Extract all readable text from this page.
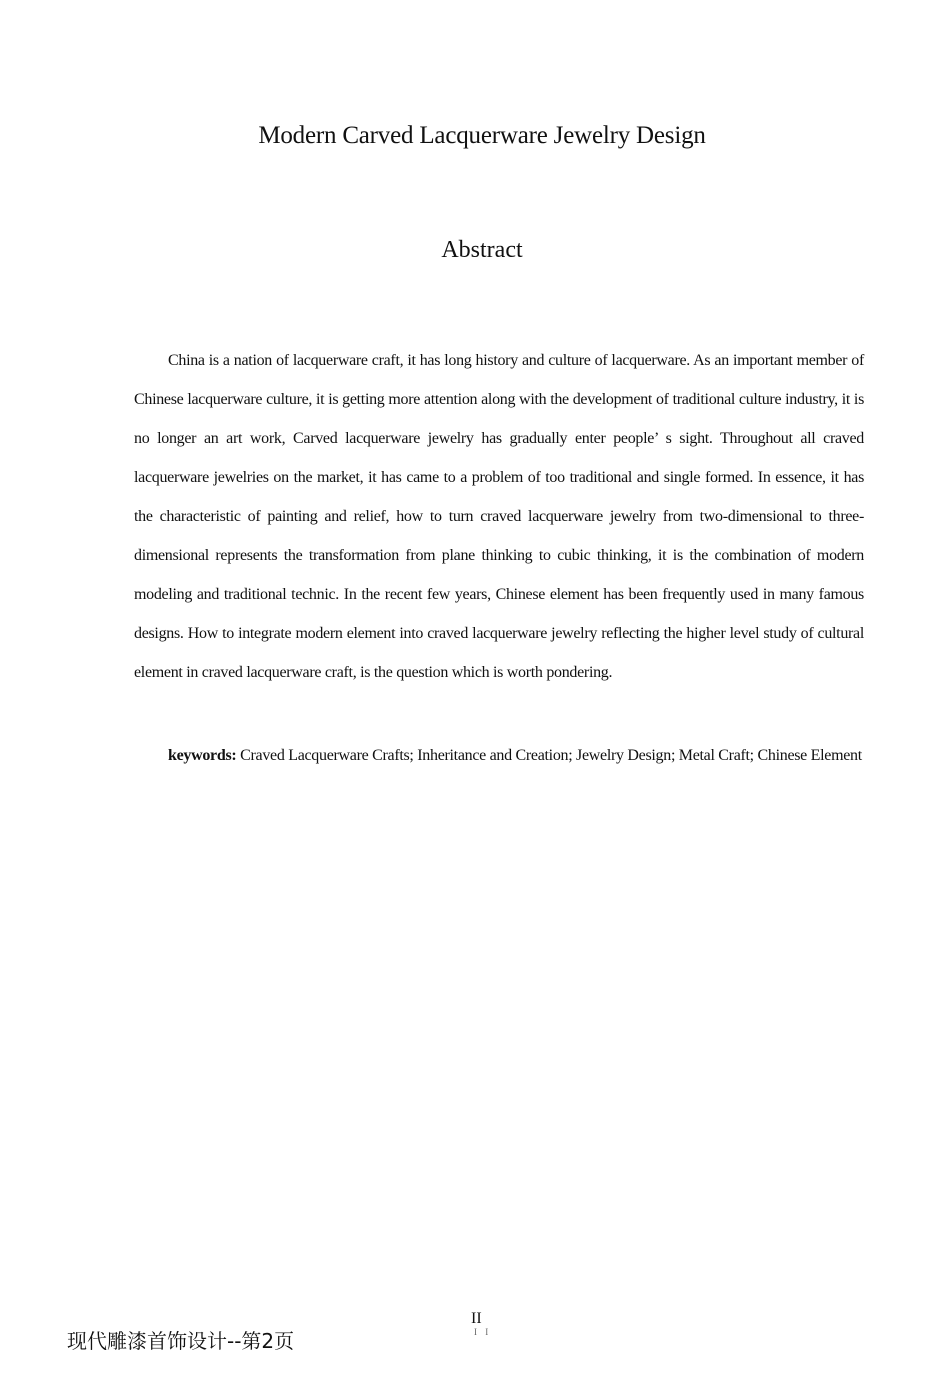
Modern Carved Lacquerware Jewelry Design
Abstract

China is a nation of lacquerware craft, it has long history and culture of lacquerware. As an important member of Chinese lacquerware culture, it is getting more attention along with the development of traditional culture industry, it is no longer an art work, Carved lacquerware jewelry has gradually enter people’ s sight. Throughout all craved lacquerware jewelries on the market, it has came to a problem of too traditional and single formed. In essence, it has the characteristic of painting and relief, how to turn craved lacquerware jewelry from two-dimensional to three-dimensional represents the transformation from plane thinking to cubic thinking, it is the combination of modern modeling and traditional technic. In the recent few years, Chinese element has been frequently used in many famous designs. How to integrate modern element into craved lacquerware jewelry reflecting the higher level study of cultural element in craved lacquerware craft, is the question which is worth pondering.

keywords: Craved Lacquerware Crafts; Inheritance and Creation; Jewelry Design; Metal Craft; Chinese Element

II
I I
现代雕漆首饰设计--第2页
